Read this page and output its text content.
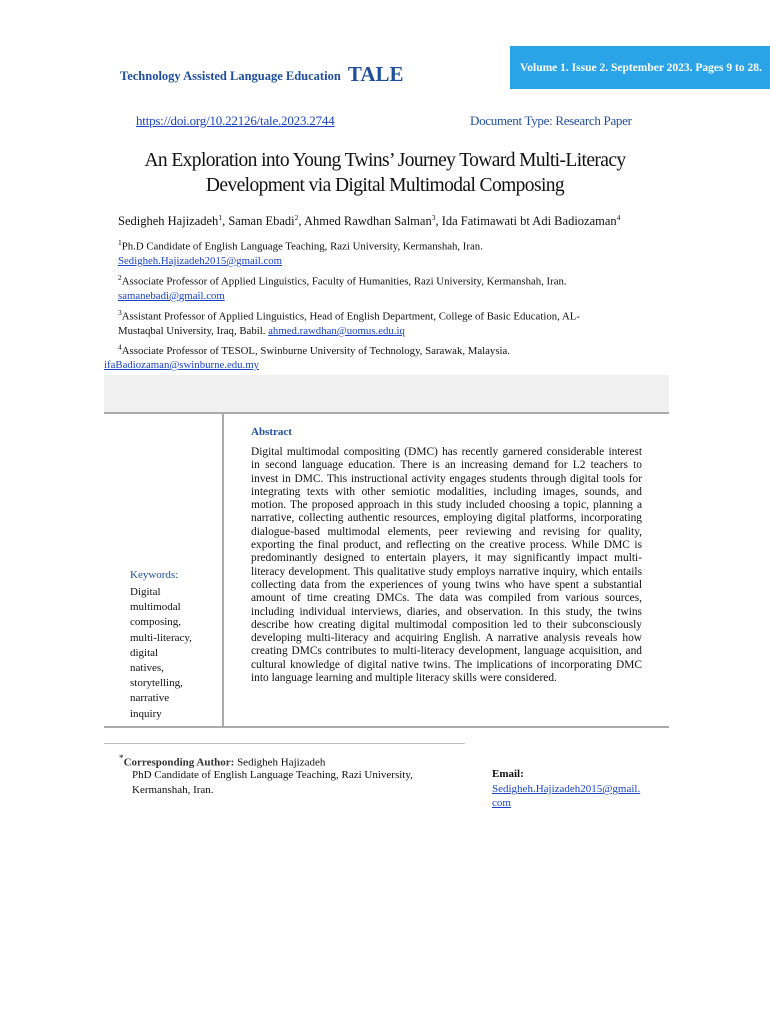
Technology Assisted Language Education TALE	Volume 1. Issue 2. September 2023. Pages 9 to 28.
https://doi.org/10.22126/tale.2023.2744	Document Type: Research Paper
An Exploration into Young Twins’ Journey Toward Multi-Literacy
Development via Digital Multimodal Composing
Sedigheh Hajizadeh$^1$, Saman Ebadi$^2$, Ahmed Rawdhan Salman$^3$, Ida Fatimawati bt Adi Badiozaman$^4$
$^1$Ph.D Candidate of English Language Teaching, Razi University, Kermanshah, Iran.
Sedigheh.Hajizadeh2015@gmail.com
$^2$Associate Professor of Applied Linguistics, Faculty of Humanities, Razi University, Kermanshah, Iran.
samanebadi@gmail.com
$^3$Assistant Professor of Applied Linguistics, Head of English Department, College of Basic Education, AL-Mustaqbal University, Iraq, Babil. ahmed.rawdhan@uomus.edu.iq
$^4$Associate Professor of TESOL, Swinburne University of Technology, Sarawak, Malaysia.
ifaBadiozaman@swinburne.edu.my
Abstract
Digital multimodal compositing (DMC) has recently garnered considerable interest in second language education. There is an increasing demand for L2 teachers to invest in DMC. This instructional activity engages students through digital tools for integrating texts with other semiotic modalities, including images, sounds, and motion. The proposed approach in this study included choosing a topic, planning a narrative, collecting authentic resources, employing digital platforms, incorporating dialogue-based multimodal elements, peer reviewing and revising for quality, exporting the final product, and reflecting on the creative process. While DMC is predominantly designed to entertain players, it may significantly impact multi-literacy development. This qualitative study employs narrative inquiry, which entails collecting data from the experiences of young twins who have spent a substantial amount of time creating DMCs. The data was compiled from various sources, including individual interviews, diaries, and observation. In this study, the twins describe how creating digital multimodal composition led to their subconsciously developing multi-literacy and acquiring English. A narrative analysis reveals how creating DMCs contributes to multi-literacy development, language acquisition, and cultural knowledge of digital native twins. The implications of incorporating DMC into language learning and multiple literacy skills were considered.
Keywords:
Digital
multimodal
composing,
multi-literacy,
digital
natives,
storytelling,
narrative
inquiry
*Corresponding Author: Sedigheh Hajizadeh
PhD Candidate of English Language Teaching, Razi University, Kermanshah, Iran.
Email:
Sedigheh.Hajizadeh2015@gmail.com
